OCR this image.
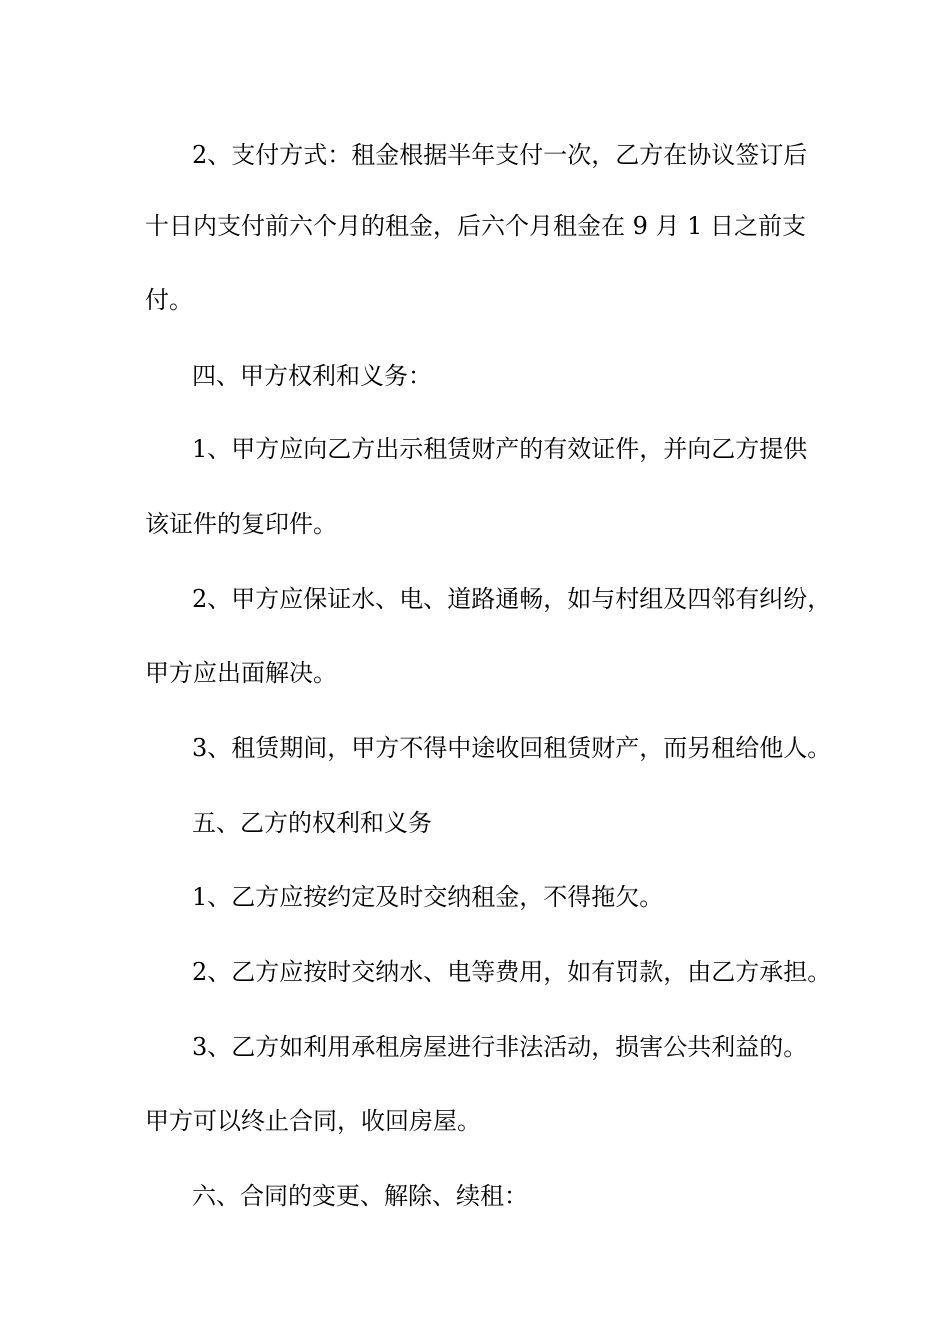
2、支付方式：租金根据半年支付一次，乙方在协议签订后
十日内支付前六个月的租金，后六个月租金在 9 月 1 日之前支
付。
四、甲方权利和义务：
1、甲方应向乙方出示租赁财产的有效证件，并向乙方提供
该证件的复印件。
2、甲方应保证水、电、道路通畅，如与村组及四邻有纠纷，
甲方应出面解决。
3、租赁期间，甲方不得中途收回租赁财产，而另租给他人。
五、乙方的权利和义务
1、乙方应按约定及时交纳租金，不得拖欠。
2、乙方应按时交纳水、电等费用，如有罚款，由乙方承担。
3、乙方如利用承租房屋进行非法活动，损害公共利益的。
甲方可以终止合同，收回房屋。
六、合同的变更、解除、续租：
